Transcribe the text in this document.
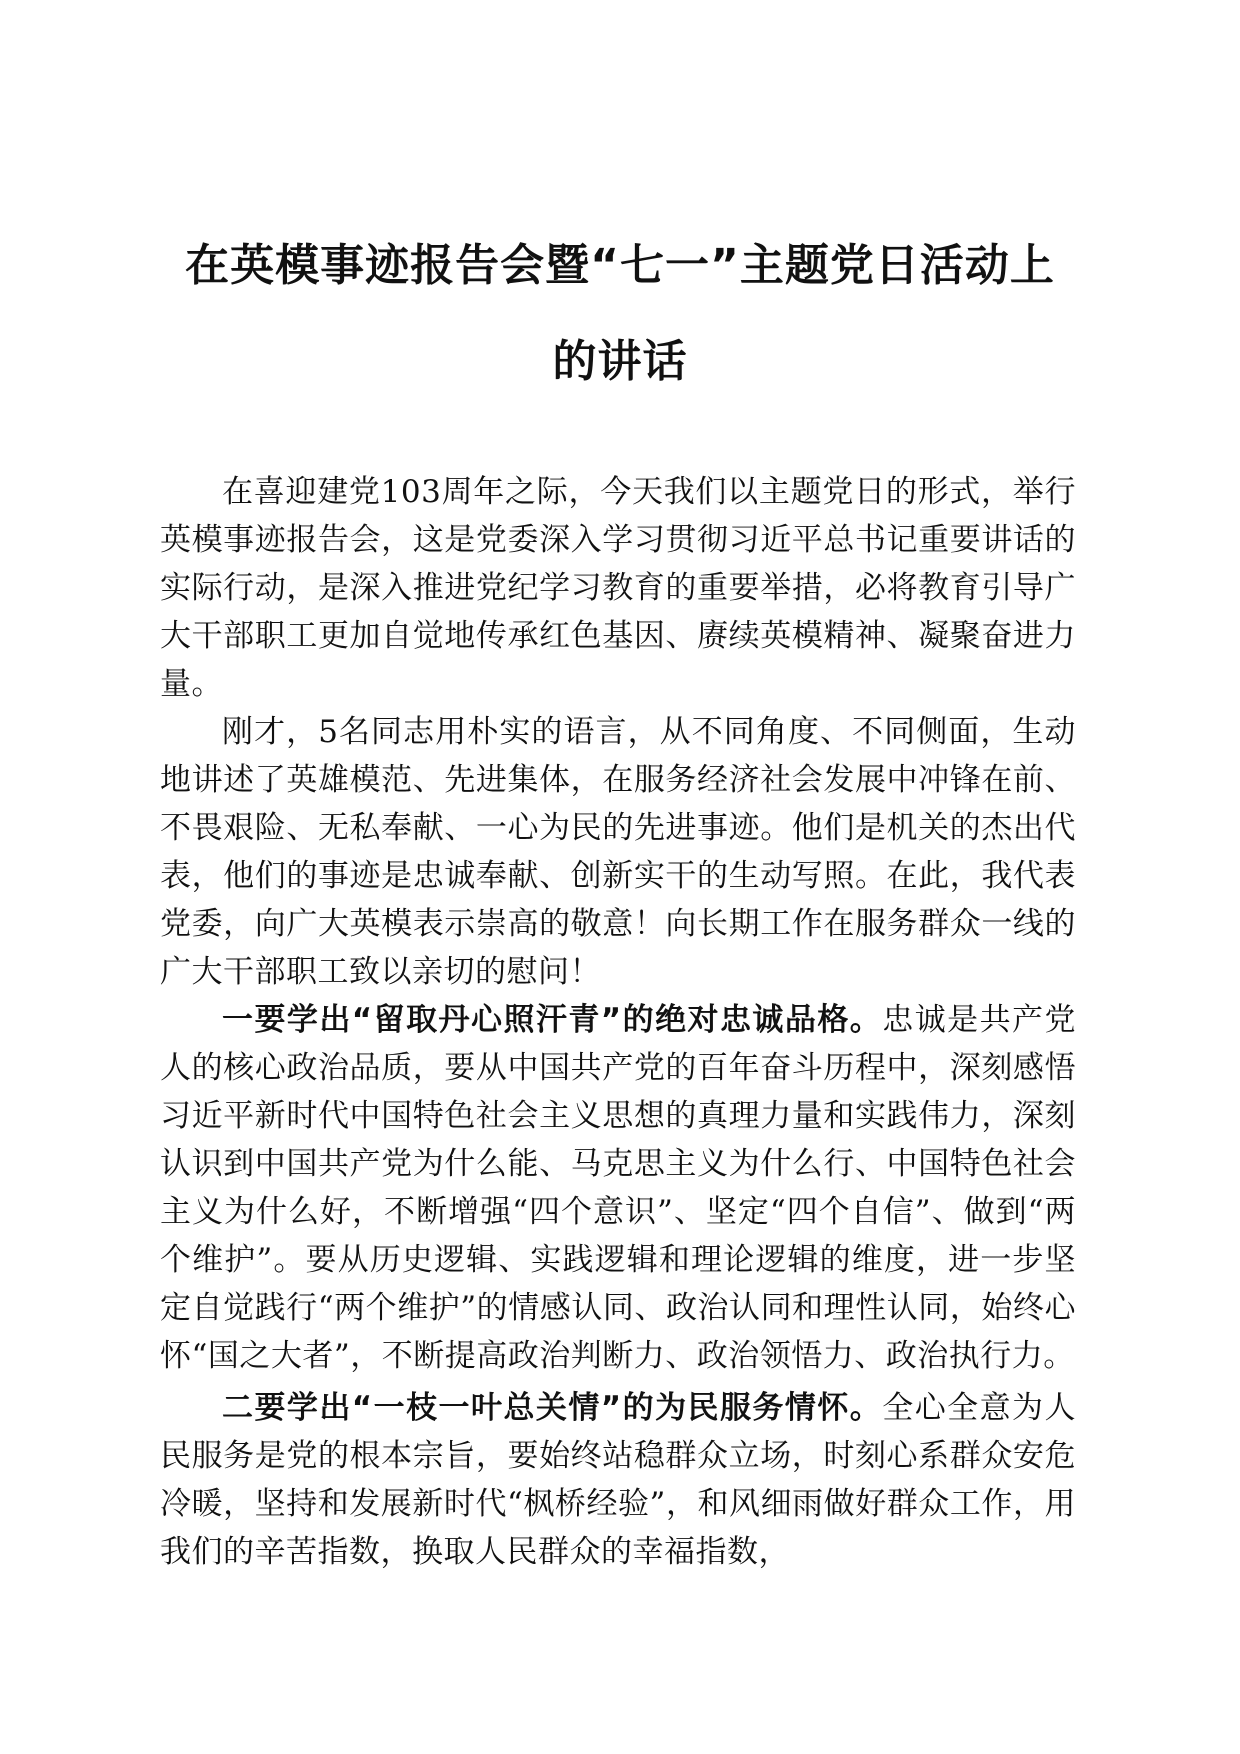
在英模事迹报告会暨“七一”主题党日活动上
的讲话

在喜迎建党103周年之际，今天我们以主题党日的形式，举行英模事迹报告会，这是党委深入学习贯彻习近平总书记重要讲话的实际行动，是深入推进党纪学习教育的重要举措，必将教育引导广大干部职工更加自觉地传承红色基因、赓续英模精神、凝聚奋进力量。

刚才，5名同志用朴实的语言，从不同角度、不同侧面，生动地讲述了英雄模范、先进集体，在服务经济社会发展中冲锋在前、不畏艰险、无私奉献、一心为民的先进事迹。他们是机关的杰出代表，他们的事迹是忠诚奉献、创新实干的生动写照。在此，我代表党委，向广大英模表示崇高的敬意！向长期工作在服务群众一线的广大干部职工致以亲切的慰问！

一要学出“留取丹心照汗青”的绝对忠诚品格。忠诚是共产党人的核心政治品质，要从中国共产党的百年奋斗历程中，深刻感悟习近平新时代中国特色社会主义思想的真理力量和实践伟力，深刻认识到中国共产党为什么能、马克思主义为什么行、中国特色社会主义为什么好，不断增强“四个意识”、坚定“四个自信”、做到“两个维护”。要从历史逻辑、实践逻辑和理论逻辑的维度，进一步坚定自觉践行“两个维护”的情感认同、政治认同和理性认同，始终心怀“国之大者”，不断提高政治判断力、政治领悟力、政治执行力。

二要学出“一枝一叶总关情”的为民服务情怀。全心全意为人民服务是党的根本宗旨，要始终站稳群众立场，时刻心系群众安危冷暖，坚持和发展新时代“枫桥经验”，和风细雨做好群众工作，用我们的辛苦指数，换取人民群众的幸福指数，
